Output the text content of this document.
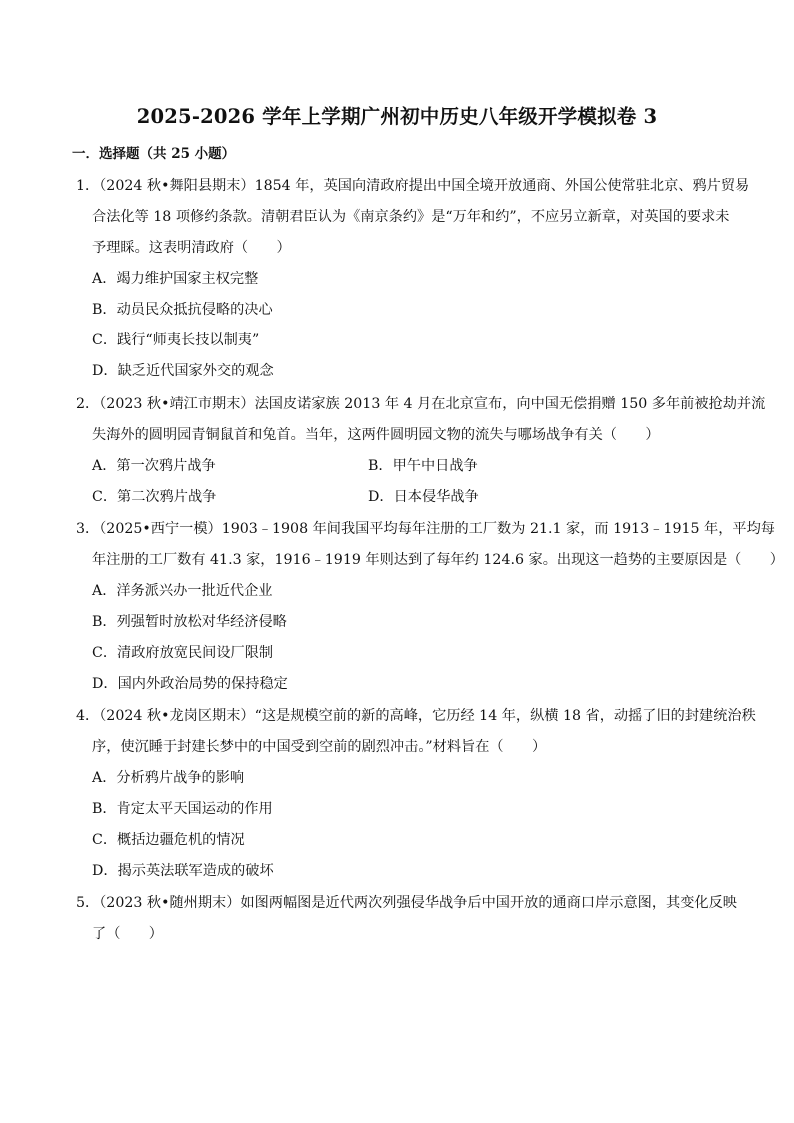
2025-2026 学年上学期广州初中历史八年级开学模拟卷 3
一．选择题（共 25 小题）
1．（2024 秋•舞阳县期末）1854 年，英国向清政府提出中国全境开放通商、外国公使常驻北京、鸦片贸易
合法化等 18 项修约条款。清朝君臣认为《南京条约》是“万年和约”，不应另立新章，对英国的要求未
予理睬。这表明清政府（　　）
A．竭力维护国家主权完整
B．动员民众抵抗侵略的决心
C．践行“师夷长技以制夷”
D．缺乏近代国家外交的观念
2．（2023 秋•靖江市期末）法国皮诺家族 2013 年 4 月在北京宣布，向中国无偿捐赠 150 多年前被抢劫并流
失海外的圆明园青铜鼠首和兔首。当年，这两件圆明园文物的流失与哪场战争有关（　　）
A．第一次鸦片战争	B．甲午中日战争
C．第二次鸦片战争	D．日本侵华战争
3．（2025•西宁一模）1903﹣1908 年间我国平均每年注册的工厂数为 21.1 家，而 1913﹣1915 年，平均每
年注册的工厂数有 41.3 家，1916﹣1919 年则达到了每年约 124.6 家。出现这一趋势的主要原因是（　　）
A．洋务派兴办一批近代企业
B．列强暂时放松对华经济侵略
C．清政府放宽民间设厂限制
D．国内外政治局势的保持稳定
4．（2024 秋•龙岗区期末）“这是规模空前的新的高峰，它历经 14 年，纵横 18 省，动摇了旧的封建统治秩
序，使沉睡于封建长梦中的中国受到空前的剧烈冲击。”材料旨在（　　）
A．分析鸦片战争的影响
B．肯定太平天国运动的作用
C．概括边疆危机的情况
D．揭示英法联军造成的破坏
5．（2023 秋•随州期末）如图两幅图是近代两次列强侵华战争后中国开放的通商口岸示意图，其变化反映
了（　　）
